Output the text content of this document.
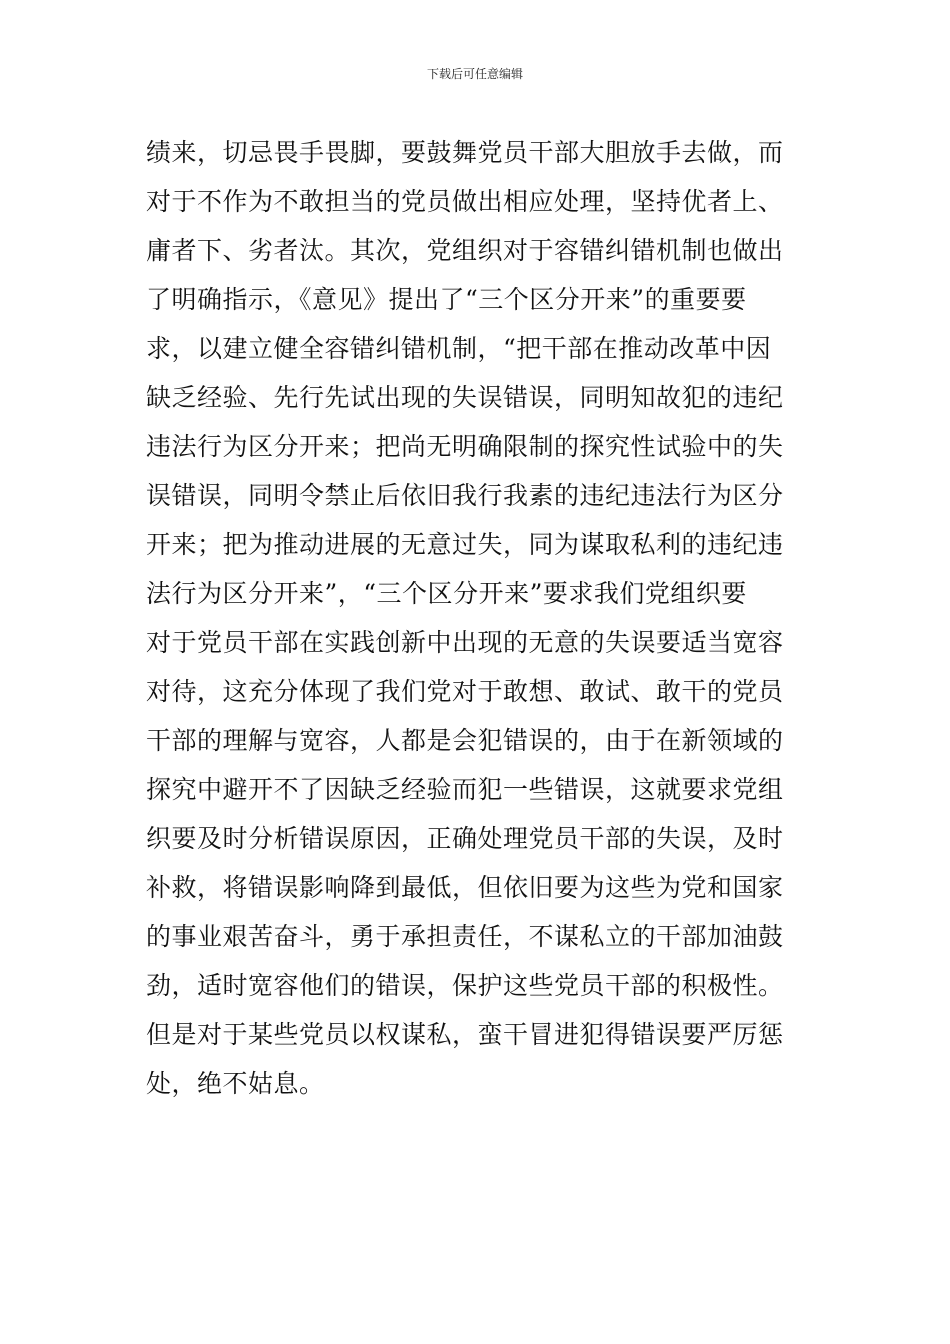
下载后可任意编辑
绩来，切忌畏手畏脚，要鼓舞党员干部大胆放手去做，而
对于不作为不敢担当的党员做出相应处理，坚持优者上、
庸者下、劣者汰。其次，党组织对于容错纠错机制也做出
了明确指示，《意见》提出了“三个区分开来”的重要要
求，以建立健全容错纠错机制，“把干部在推动改革中因
缺乏经验、先行先试出现的失误错误，同明知故犯的违纪
违法行为区分开来；把尚无明确限制的探究性试验中的失
误错误，同明令禁止后依旧我行我素的违纪违法行为区分
开来；把为推动进展的无意过失，同为谋取私利的违纪违
法行为区分开来”，“三个区分开来”要求我们党组织要
对于党员干部在实践创新中出现的无意的失误要适当宽容
对待，这充分体现了我们党对于敢想、敢试、敢干的党员
干部的理解与宽容，人都是会犯错误的，由于在新领域的
探究中避开不了因缺乏经验而犯一些错误，这就要求党组
织要及时分析错误原因，正确处理党员干部的失误，及时
补救，将错误影响降到最低，但依旧要为这些为党和国家
的事业艰苦奋斗，勇于承担责任，不谋私立的干部加油鼓
劲，适时宽容他们的错误，保护这些党员干部的积极性。
但是对于某些党员以权谋私，蛮干冒进犯得错误要严厉惩
处，绝不姑息。
